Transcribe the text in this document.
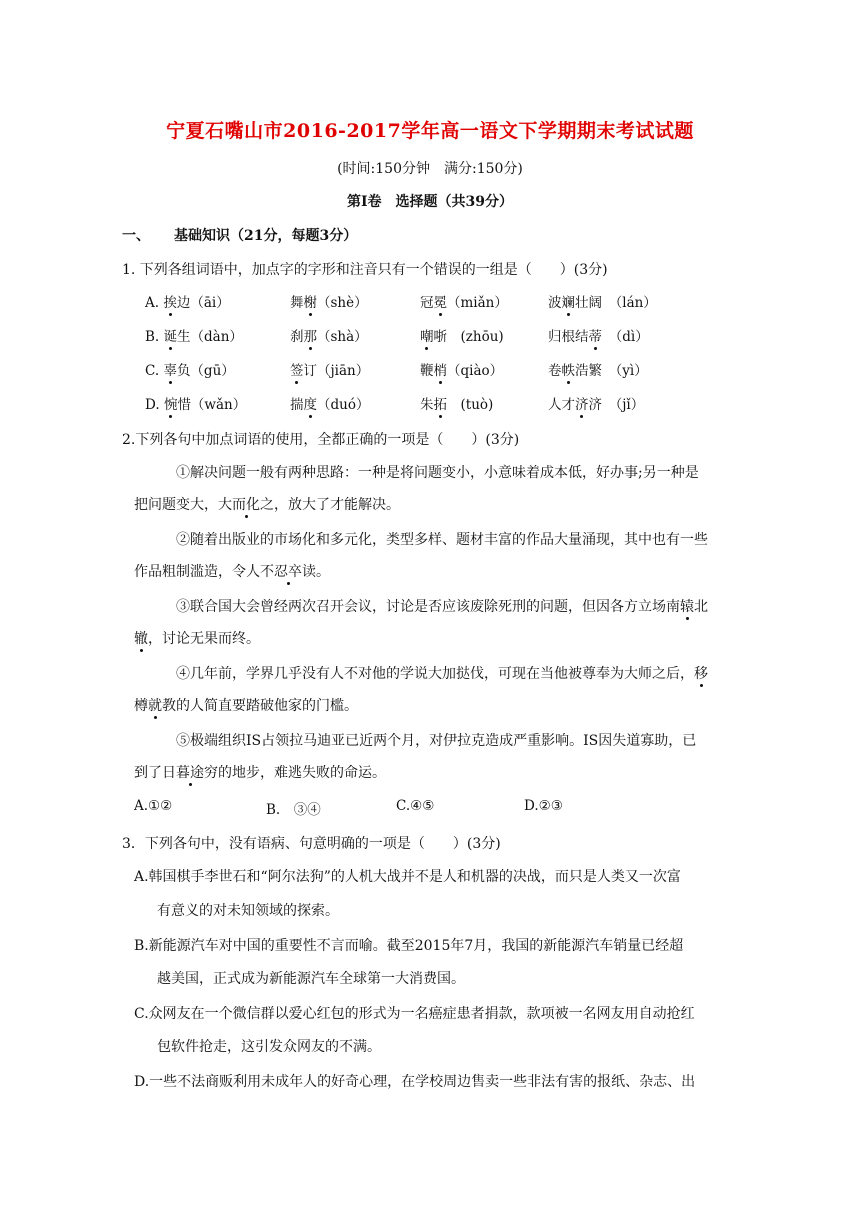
宁夏石嘴山市2016-2017学年高一语文下学期期末考试试题
(时间:150分钟　满分:150分)
第Ⅰ卷　选择题（共39分）
一、 基础知识（21分，每题3分）
1. 下列各组词语中，加点字的字形和注音只有一个错误的一组是（　　）(3分)
A. 挨边（āi）	舞榭（shè）	冠冕（miǎn）	波斓壮阔　（lán）
B. 诞生（dàn）	刹那（shà）	嘲哳　(zhōu)	归根结蒂　（dì）
C. 辜负（gū）	签订（jiān）	鞭梢（qiào）	卷帙浩繁　（yì）
D. 惋惜（wǎn）	揣度（duó）	朱拓　(tuò)	人才济济　（jǐ）
2.下列各句中加点词语的使用，全都正确的一项是（　　）(3分)
①解决问题一般有两种思路：一种是将问题变小，小意味着成本低，好办事;另一种是
把问题变大，大而化之，放大了才能解决。
②随着出版业的市场化和多元化，类型多样、题材丰富的作品大量涌现，其中也有一些
作品粗制滥造，令人不忍卒读。
③联合国大会曾经两次召开会议，讨论是否应该废除死刑的问题，但因各方立场南辕北
辙，讨论无果而终。
④几年前，学界几乎没有人不对他的学说大加挞伐，可现在当他被尊奉为大师之后，移
樽就教的人简直要踏破他家的门槛。
⑤极端组织IS占领拉马迪亚已近两个月，对伊拉克造成严重影响。IS因失道寡助，已
到了日暮途穷的地步，难逃失败的命运。
A.①②	B.　③④	C.④⑤	D.②③
3．下列各句中，没有语病、句意明确的一项是（　　）(3分)
A.韩国棋手李世石和“阿尔法狗”的人机大战并不是人和机器的决战，而只是人类又一次富
有意义的对未知领域的探索。
B.新能源汽车对中国的重要性不言而喻。截至2015年7月，我国的新能源汽车销量已经超
越美国，正式成为新能源汽车全球第一大消费国。
C.众网友在一个微信群以爱心红包的形式为一名癌症患者捐款，款项被一名网友用自动抢红
包软件抢走，这引发众网友的不满。
D.一些不法商贩利用未成年人的好奇心理，在学校周边售卖一些非法有害的报纸、杂志、出
